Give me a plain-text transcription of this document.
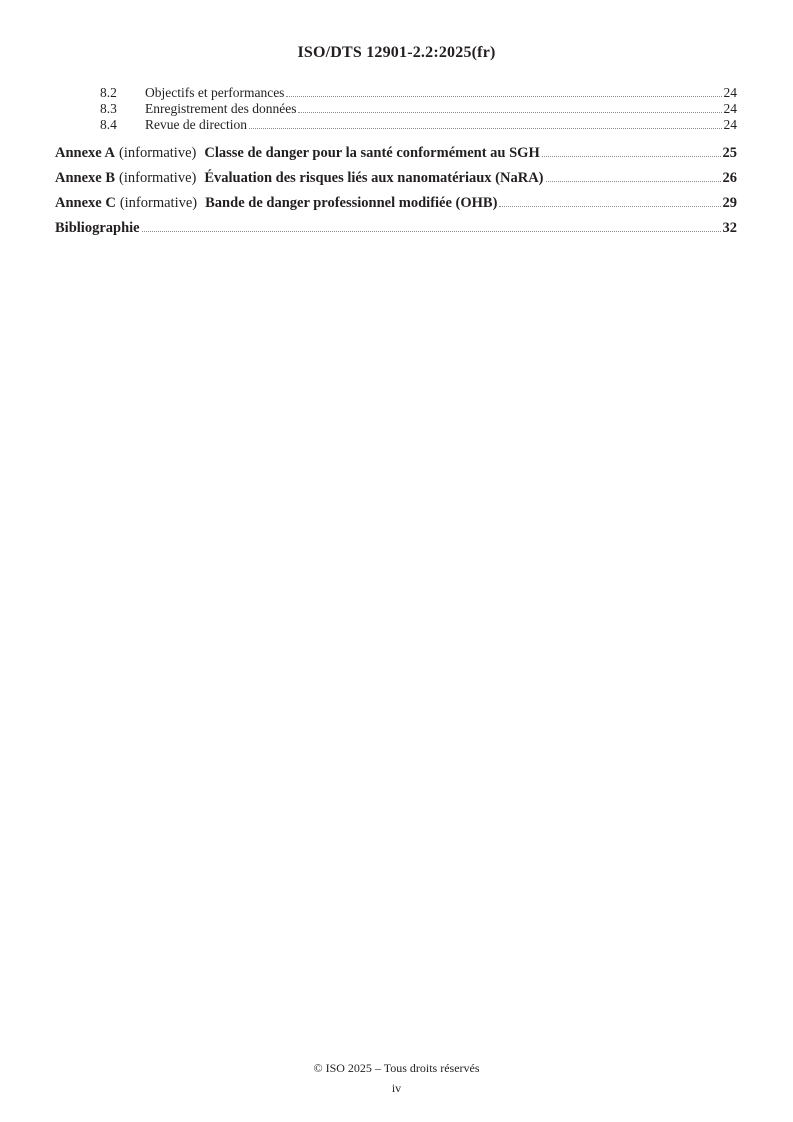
ISO/DTS 12901-2.2:2025(fr)
8.2	Objectifs et performances	24
8.3	Enregistrement des données	24
8.4	Revue de direction	24
Annexe A (informative) Classe de danger pour la santé conformément au SGH	25
Annexe B (informative) Évaluation des risques liés aux nanomatériaux (NaRA)	26
Annexe C (informative) Bande de danger professionnel modifiée (OHB)	29
Bibliographie	32
© ISO 2025 – Tous droits réservés
iv
